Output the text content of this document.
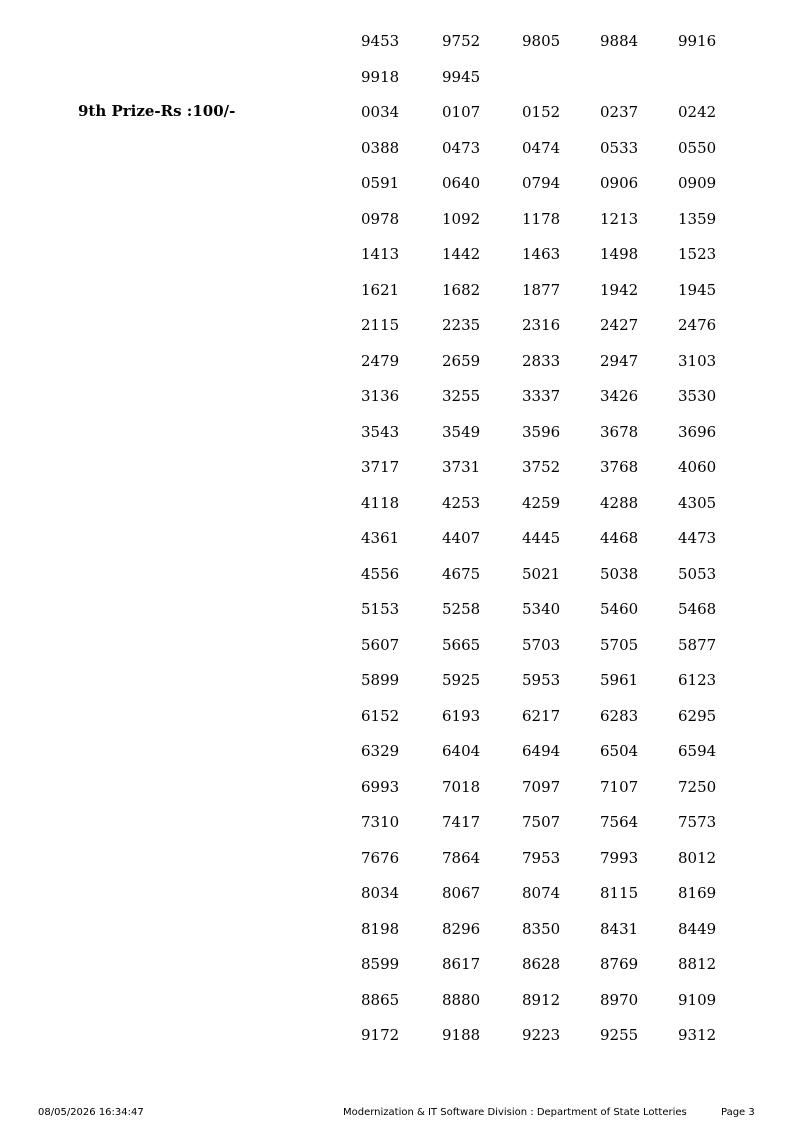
9th Prize-Rs :100/-
9453	9752	9805	9884	9916
9918	9945
0034	0107	0152	0237	0242
0388	0473	0474	0533	0550
0591	0640	0794	0906	0909
0978	1092	1178	1213	1359
1413	1442	1463	1498	1523
1621	1682	1877	1942	1945
2115	2235	2316	2427	2476
2479	2659	2833	2947	3103
3136	3255	3337	3426	3530
3543	3549	3596	3678	3696
3717	3731	3752	3768	4060
4118	4253	4259	4288	4305
4361	4407	4445	4468	4473
4556	4675	5021	5038	5053
5153	5258	5340	5460	5468
5607	5665	5703	5705	5877
5899	5925	5953	5961	6123
6152	6193	6217	6283	6295
6329	6404	6494	6504	6594
6993	7018	7097	7107	7250
7310	7417	7507	7564	7573
7676	7864	7953	7993	8012
8034	8067	8074	8115	8169
8198	8296	8350	8431	8449
8599	8617	8628	8769	8812
8865	8880	8912	8970	9109
9172	9188	9223	9255	9312
08/05/2026 16:34:47	Modernization & IT Software Division : Department of State Lotteries	Page 3
